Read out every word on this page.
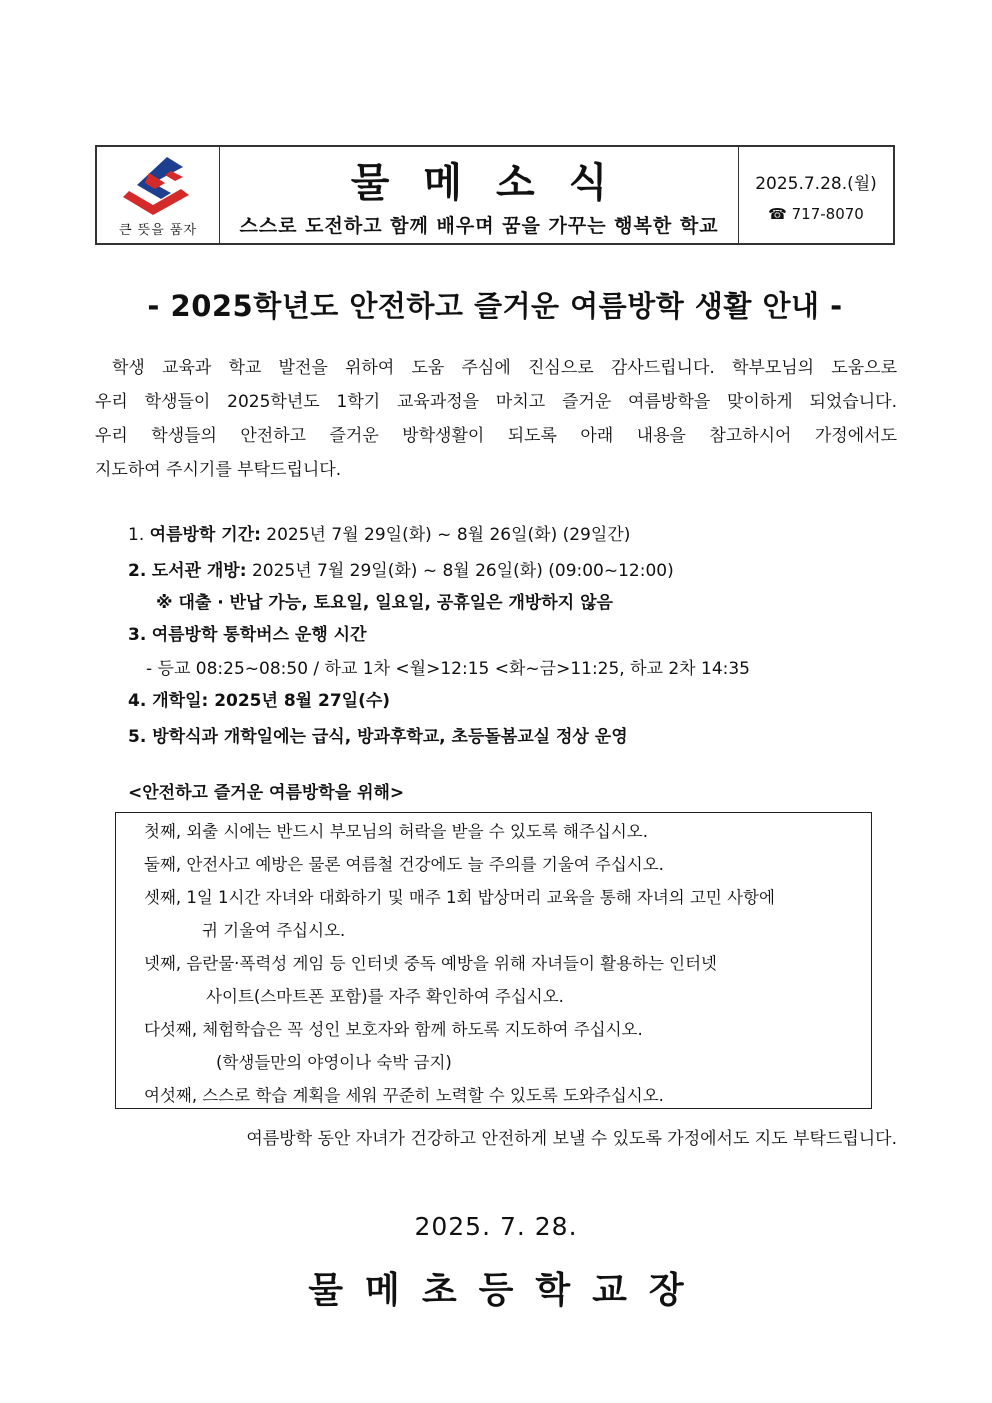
큰 뜻을 품자
물메소식
스스로 도전하고 함께 배우며 꿈을 가꾸는 행복한 학교
2025.7.28.(월)
☎ 717-8070
- 2025학년도 안전하고 즐거운 여름방학 생활 안내 -
학생 교육과 학교 발전을 위하여 도움 주심에 진심으로 감사드립니다. 학부모님의 도움으로
우리 학생들이 2025학년도 1학기 교육과정을 마치고 즐거운 여름방학을 맞이하게 되었습니다.
우리 학생들의 안전하고 즐거운 방학생활이 되도록 아래 내용을 참고하시어 가정에서도
지도하여 주시기를 부탁드립니다.
1. 여름방학 기간: 2025년 7월 29일(화) ~ 8월 26일(화) (29일간)
2. 도서관 개방: 2025년 7월 29일(화) ~ 8월 26일(화) (09:00~12:00)
※ 대출 · 반납 가능, 토요일, 일요일, 공휴일은 개방하지 않음
3. 여름방학 통학버스 운행 시간
- 등교 08:25~08:50 / 하교 1차 <월>12:15 <화~금>11:25, 하교 2차 14:35
4. 개학일: 2025년 8월 27일(수)
5. 방학식과 개학일에는 급식, 방과후학교, 초등돌봄교실 정상 운영
<안전하고 즐거운 여름방학을 위해>
첫째, 외출 시에는 반드시 부모님의 허락을 받을 수 있도록 해주십시오.
둘째, 안전사고 예방은 물론 여름철 건강에도 늘 주의를 기울여 주십시오.
셋째, 1일 1시간 자녀와 대화하기 및 매주 1회 밥상머리 교육을 통해 자녀의 고민 사항에
귀 기울여 주십시오.
넷째, 음란물·폭력성 게임 등 인터넷 중독 예방을 위해 자녀들이 활용하는 인터넷
사이트(스마트폰 포함)를 자주 확인하여 주십시오.
다섯째, 체험학습은 꼭 성인 보호자와 함께 하도록 지도하여 주십시오.
(학생들만의 야영이나 숙박 금지)
여섯째, 스스로 학습 계획을 세워 꾸준히 노력할 수 있도록 도와주십시오.
여름방학 동안 자녀가 건강하고 안전하게 보낼 수 있도록 가정에서도 지도 부탁드립니다.
2025. 7. 28.
물메초등학교장
